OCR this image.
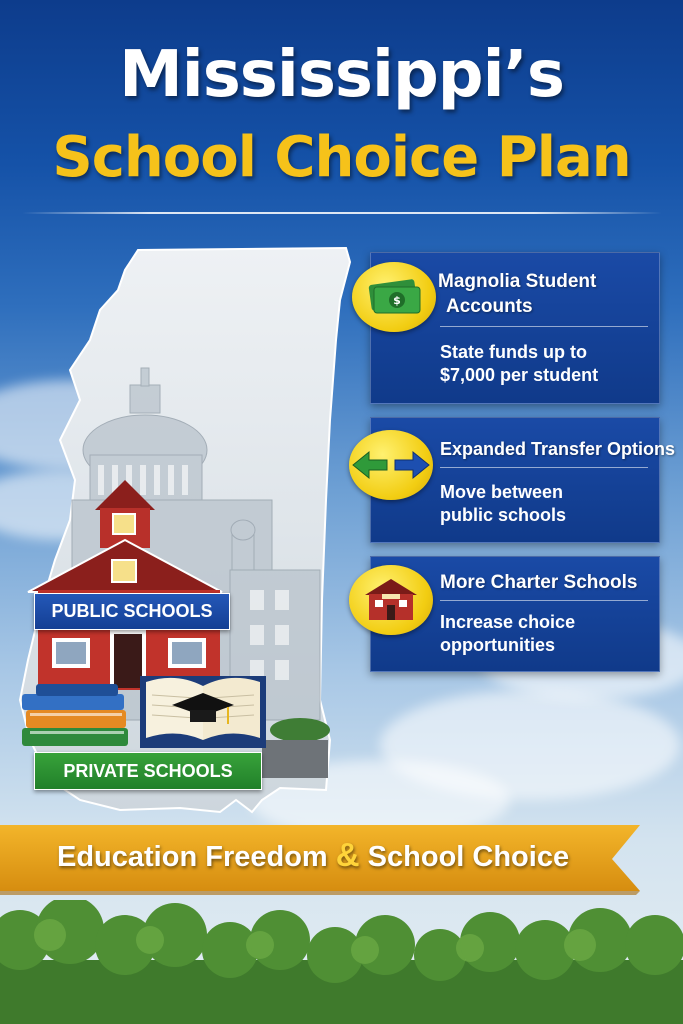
Mississippi’s
School Choice Plan
PUBLIC SCHOOLS
PRIVATE SCHOOLS
$
Magnolia Student
Accounts
State funds up to
$7,000 per student
Expanded Transfer Options
Move between
public schools
More Charter Schools
Increase choice
opportunities
Education Freedom & School Choice
